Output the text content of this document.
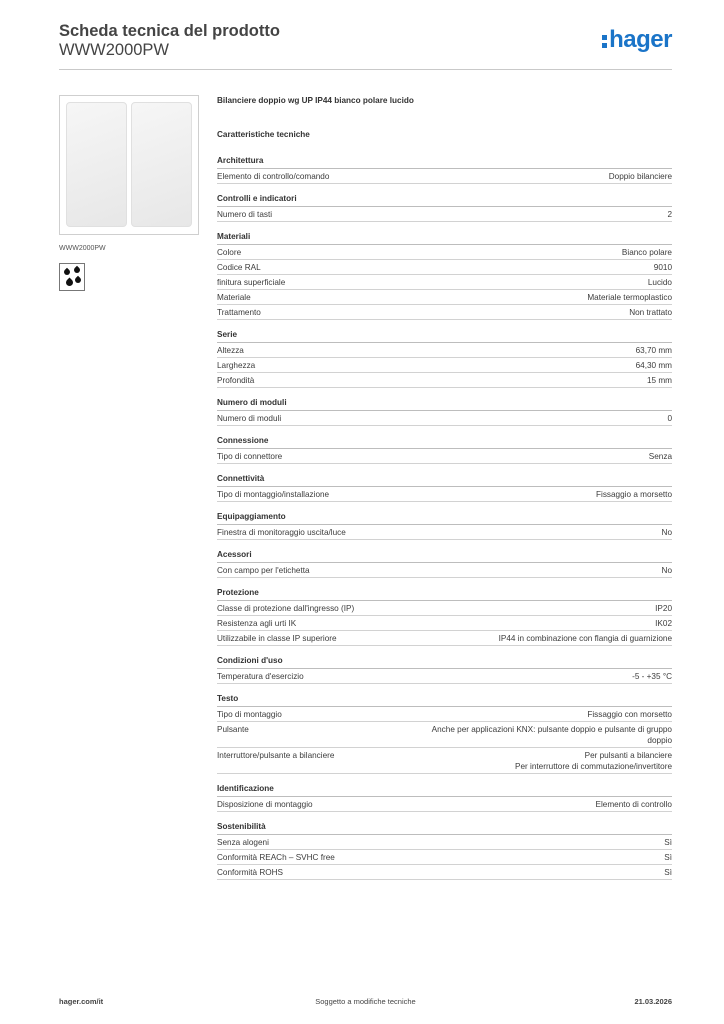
Scheda tecnica del prodotto
WWW2000PW	hager
WWW2000PW
Bilanciere doppio wg UP IP44 bianco polare lucido
Caratteristiche tecniche
Architettura
Elemento di controllo/comando	Doppio bilanciere
Controlli e indicatori
Numero di tasti	2
Materiali
Colore	Bianco polare
Codice RAL	9010
finitura superficiale	Lucido
Materiale	Materiale termoplastico
Trattamento	Non trattato
Serie
Altezza	63,70 mm
Larghezza	64,30 mm
Profondità	15 mm
Numero di moduli
Numero di moduli	0
Connessione
Tipo di connettore	Senza
Connettività
Tipo di montaggio/installazione	Fissaggio a morsetto
Equipaggiamento
Finestra di monitoraggio uscita/luce	No
Acessori
Con campo per l'etichetta	No
Protezione
Classe di protezione dall'ingresso (IP)	IP20
Resistenza agli urti IK	IK02
Utilizzabile in classe IP superiore	IP44 in combinazione con flangia di guarnizione
Condizioni d'uso
Temperatura d'esercizio	-5 - +35 °C
Testo
Tipo di montaggio	Fissaggio con morsetto
Pulsante	Anche per applicazioni KNX: pulsante doppio e pulsante di gruppo
doppio
Interruttore/pulsante a bilanciere	Per pulsanti a bilanciere
Per interruttore di commutazione/invertitore
Identificazione
Disposizione di montaggio	Elemento di controllo
Sostenibilità
Senza alogeni	Sì
Conformità REACh – SVHC free	Sì
Conformità ROHS	Sì
hager.com/it	Soggetto a modifiche tecniche	21.03.2026
